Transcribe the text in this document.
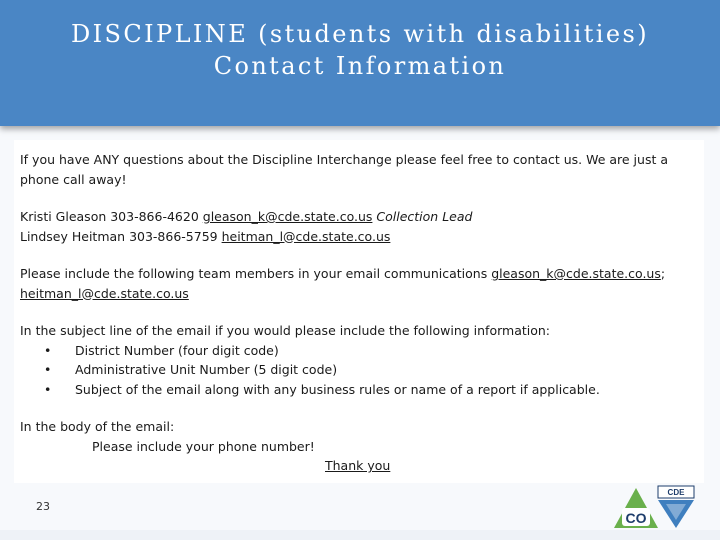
DISCIPLINE (students with disabilities)
Contact Information

If you have ANY questions about the Discipline Interchange please feel free to contact us. We are just a phone call away!

Kristi Gleason 303-866-4620 gleason_k@cde.state.co.us Collection Lead
Lindsey Heitman 303-866-5759 heitman_l@cde.state.co.us

Please include the following team members in your email communications gleason_k@cde.state.co.us; heitman_l@cde.state.co.us

In the subject line of the email if you would please include the following information:

• District Number (four digit code)
• Administrative Unit Number (5 digit code)
• Subject of the email along with any business rules or name of a report if applicable.
In the body of the email:
Please include your phone number!
Thank you
23
CO
CDE
